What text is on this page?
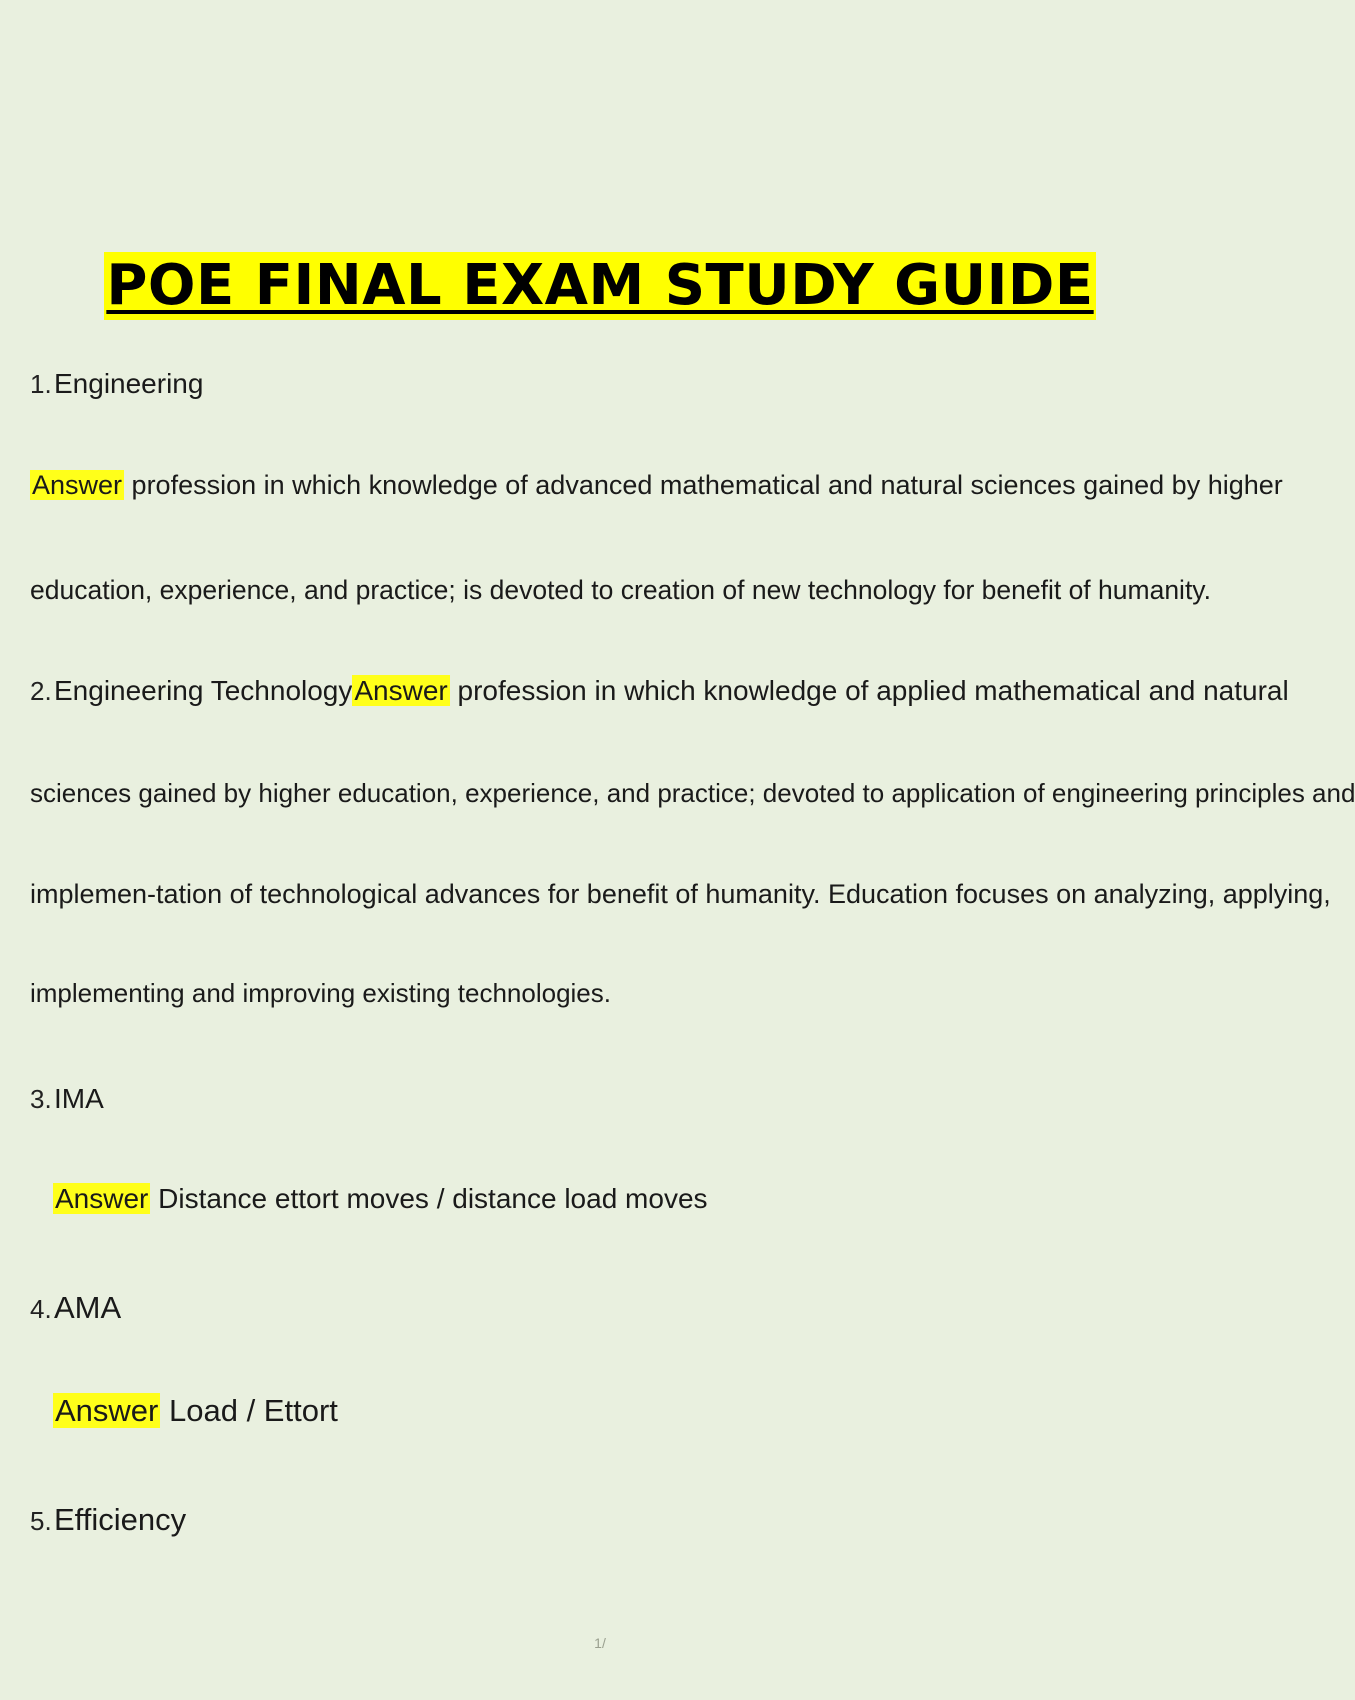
POE FINAL EXAM STUDY GUIDE
1.Engineering
Answer profession in which knowledge of advanced mathematical and natural sciences gained by higher
education, experience, and practice; is devoted to creation of new technology for benefit of humanity.
2.Engineering TechnologyAnswer profession in which knowledge of applied mathematical and natural
sciences gained by higher education, experience, and practice; devoted to application of engineering principles and
implemen-tation of technological advances for benefit of humanity. Education focuses on analyzing, applying,
implementing and improving existing technologies.
3.IMA
Answer Distance ettort moves / distance load moves
4.AMA
Answer Load / Ettort
5.Efficiency
1/
